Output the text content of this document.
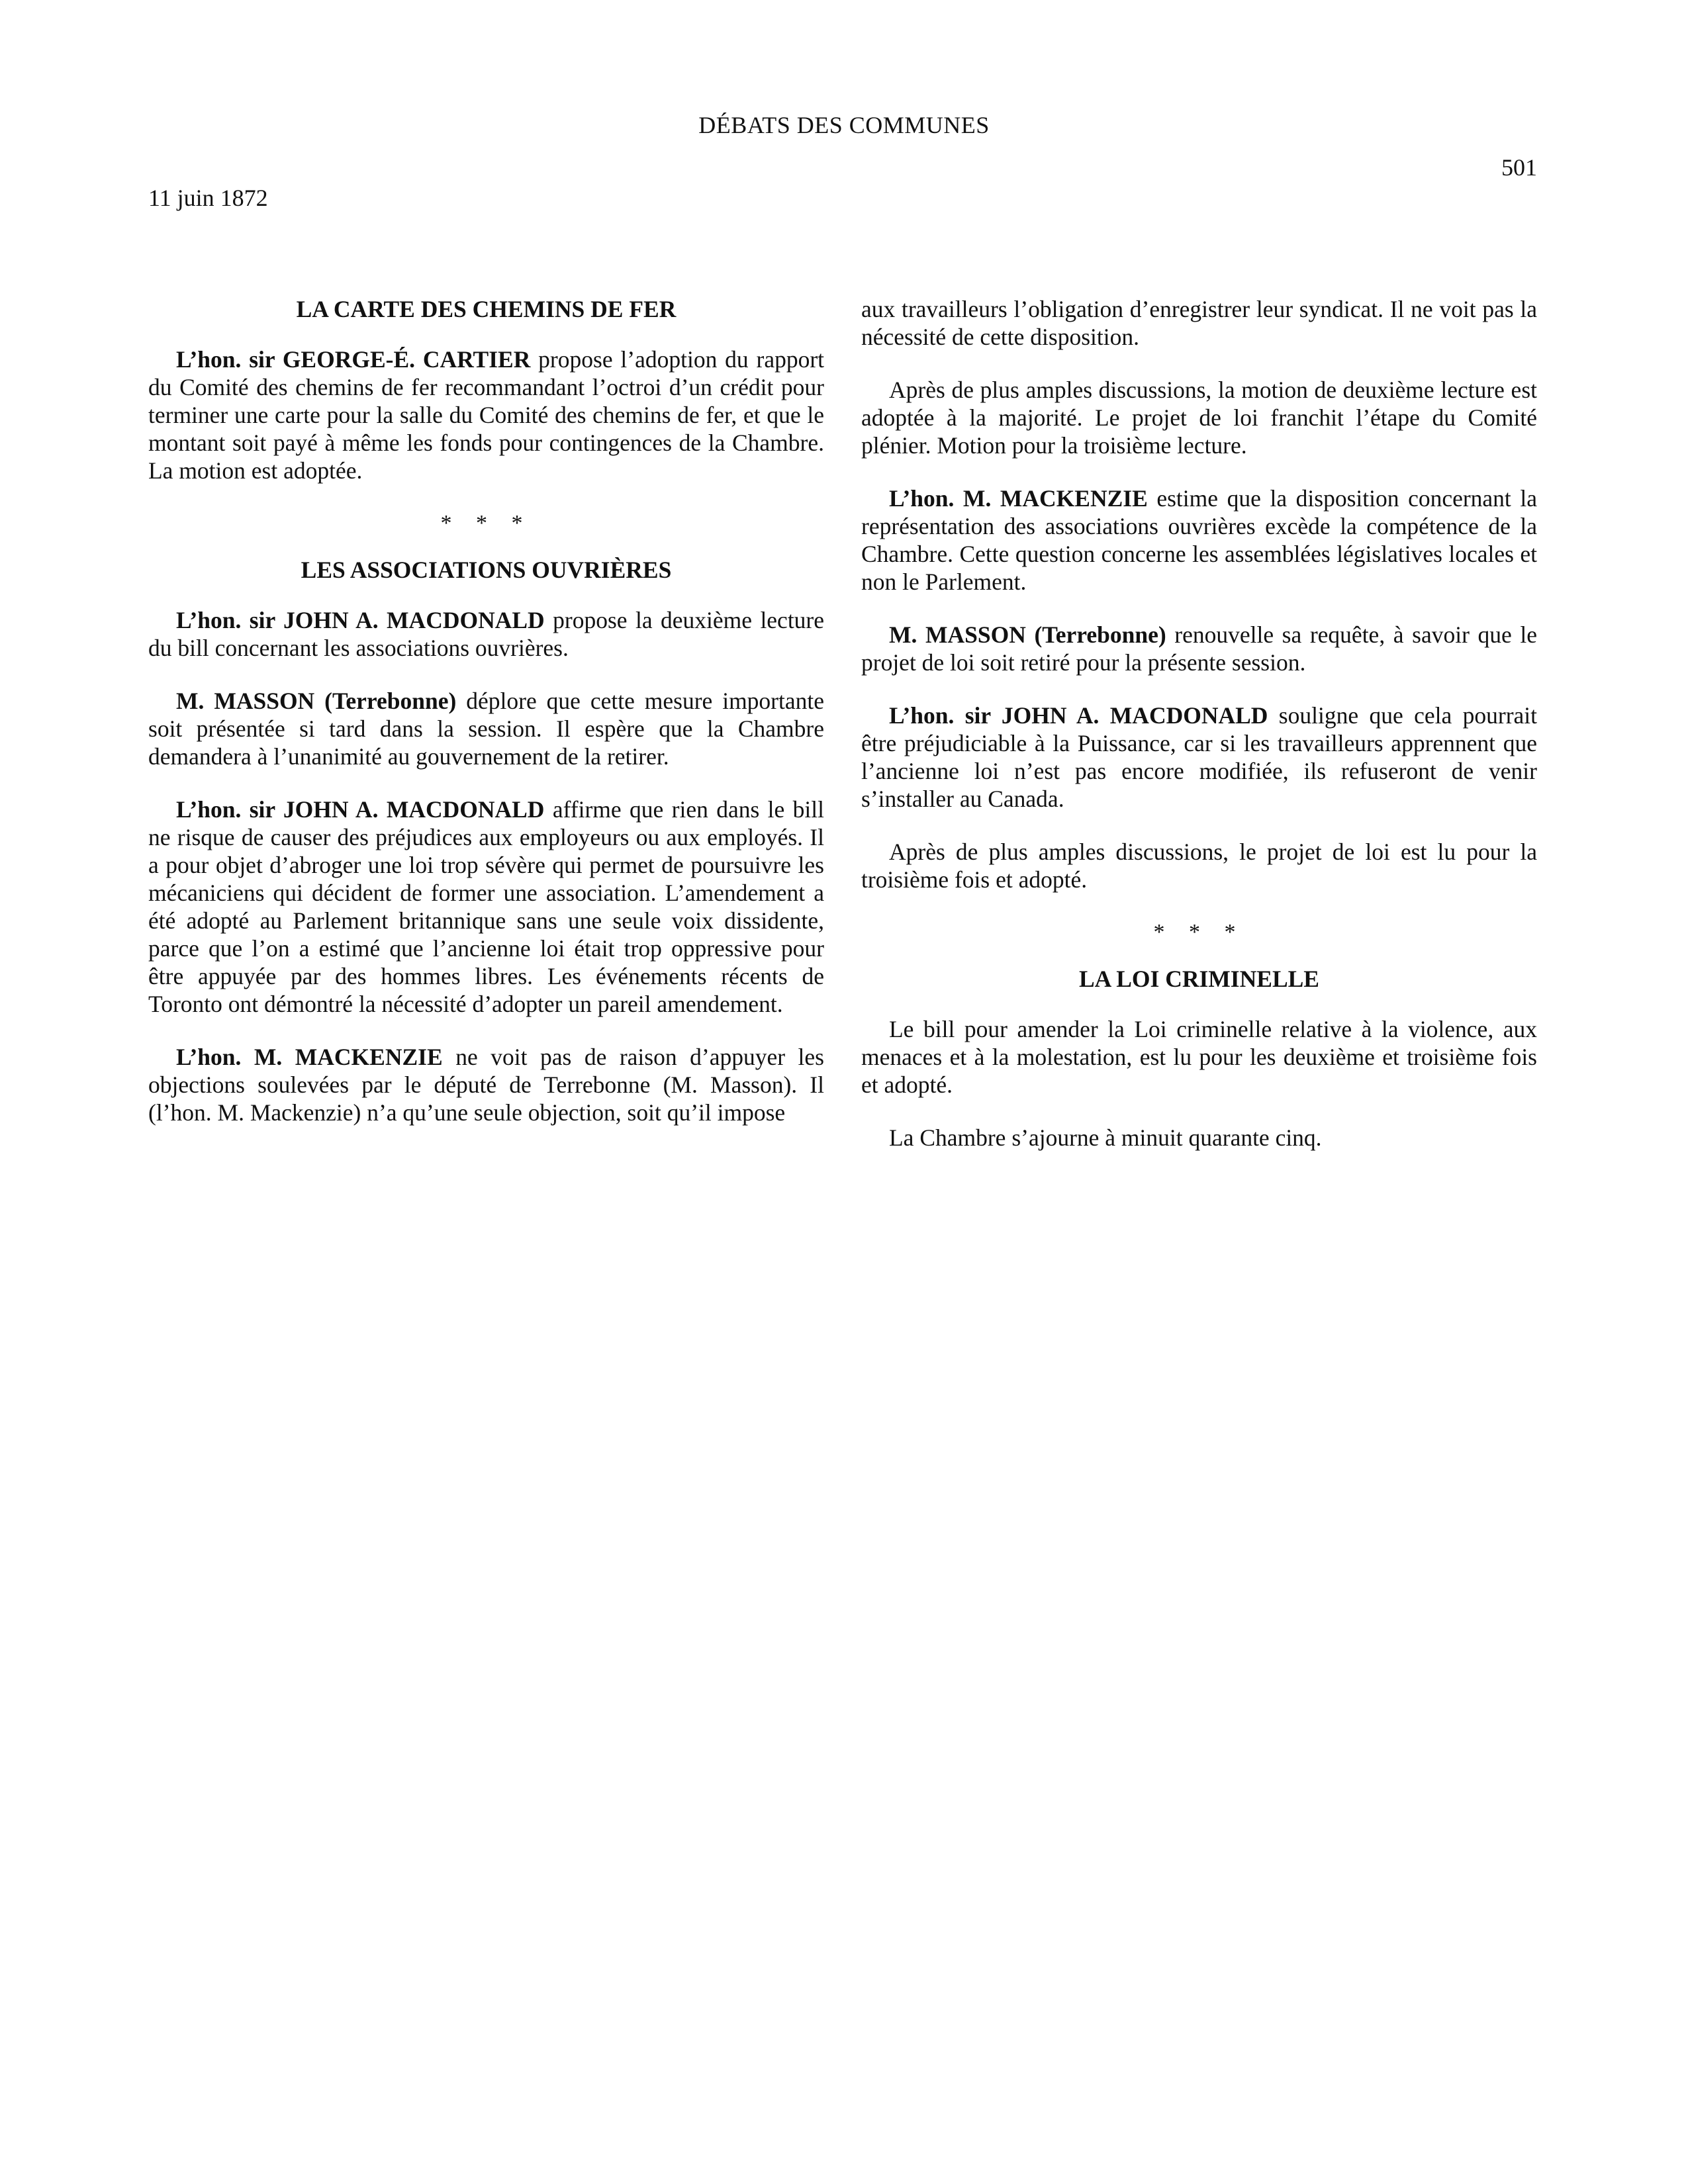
DÉBATS DES COMMUNES
501
11 juin 1872
LA CARTE DES CHEMINS DE FER

L’hon. sir GEORGE-É. CARTIER propose l’adoption du rapport du Comité des chemins de fer recommandant l’octroi d’un crédit pour terminer une carte pour la salle du Comité des chemins de fer, et que le montant soit payé à même les fonds pour contingences de la Chambre. La motion est adoptée.

* * *
LES ASSOCIATIONS OUVRIÈRES

L’hon. sir JOHN A. MACDONALD propose la deuxième lecture du bill concernant les associations ouvrières.

M. MASSON (Terrebonne) déplore que cette mesure importante soit présentée si tard dans la session. Il espère que la Chambre demandera à l’unanimité au gouvernement de la retirer.

L’hon. sir JOHN A. MACDONALD affirme que rien dans le bill ne risque de causer des préjudices aux employeurs ou aux employés. Il a pour objet d’abroger une loi trop sévère qui permet de poursuivre les mécaniciens qui décident de former une association. L’amendement a été adopté au Parlement britannique sans une seule voix dissidente, parce que l’on a estimé que l’ancienne loi était trop oppressive pour être appuyée par des hommes libres. Les événements récents de Toronto ont démontré la nécessité d’adopter un pareil amendement.

L’hon. M. MACKENZIE ne voit pas de raison d’appuyer les objections soulevées par le député de Terrebonne (M. Masson). Il (l’hon. M. Mackenzie) n’a qu’une seule objection, soit qu’il impose

aux travailleurs l’obligation d’enregistrer leur syndicat. Il ne voit pas la nécessité de cette disposition.

Après de plus amples discussions, la motion de deuxième lecture est adoptée à la majorité. Le projet de loi franchit l’étape du Comité plénier. Motion pour la troisième lecture.

L’hon. M. MACKENZIE estime que la disposition concernant la représentation des associations ouvrières excède la compétence de la Chambre. Cette question concerne les assemblées législatives locales et non le Parlement.

M. MASSON (Terrebonne) renouvelle sa requête, à savoir que le projet de loi soit retiré pour la présente session.

L’hon. sir JOHN A. MACDONALD souligne que cela pourrait être préjudiciable à la Puissance, car si les travailleurs apprennent que l’ancienne loi n’est pas encore modifiée, ils refuseront de venir s’installer au Canada.

Après de plus amples discussions, le projet de loi est lu pour la troisième fois et adopté.

* * *
LA LOI CRIMINELLE

Le bill pour amender la Loi criminelle relative à la violence, aux menaces et à la molestation, est lu pour les deuxième et troisième fois et adopté.

La Chambre s’ajourne à minuit quarante cinq.
